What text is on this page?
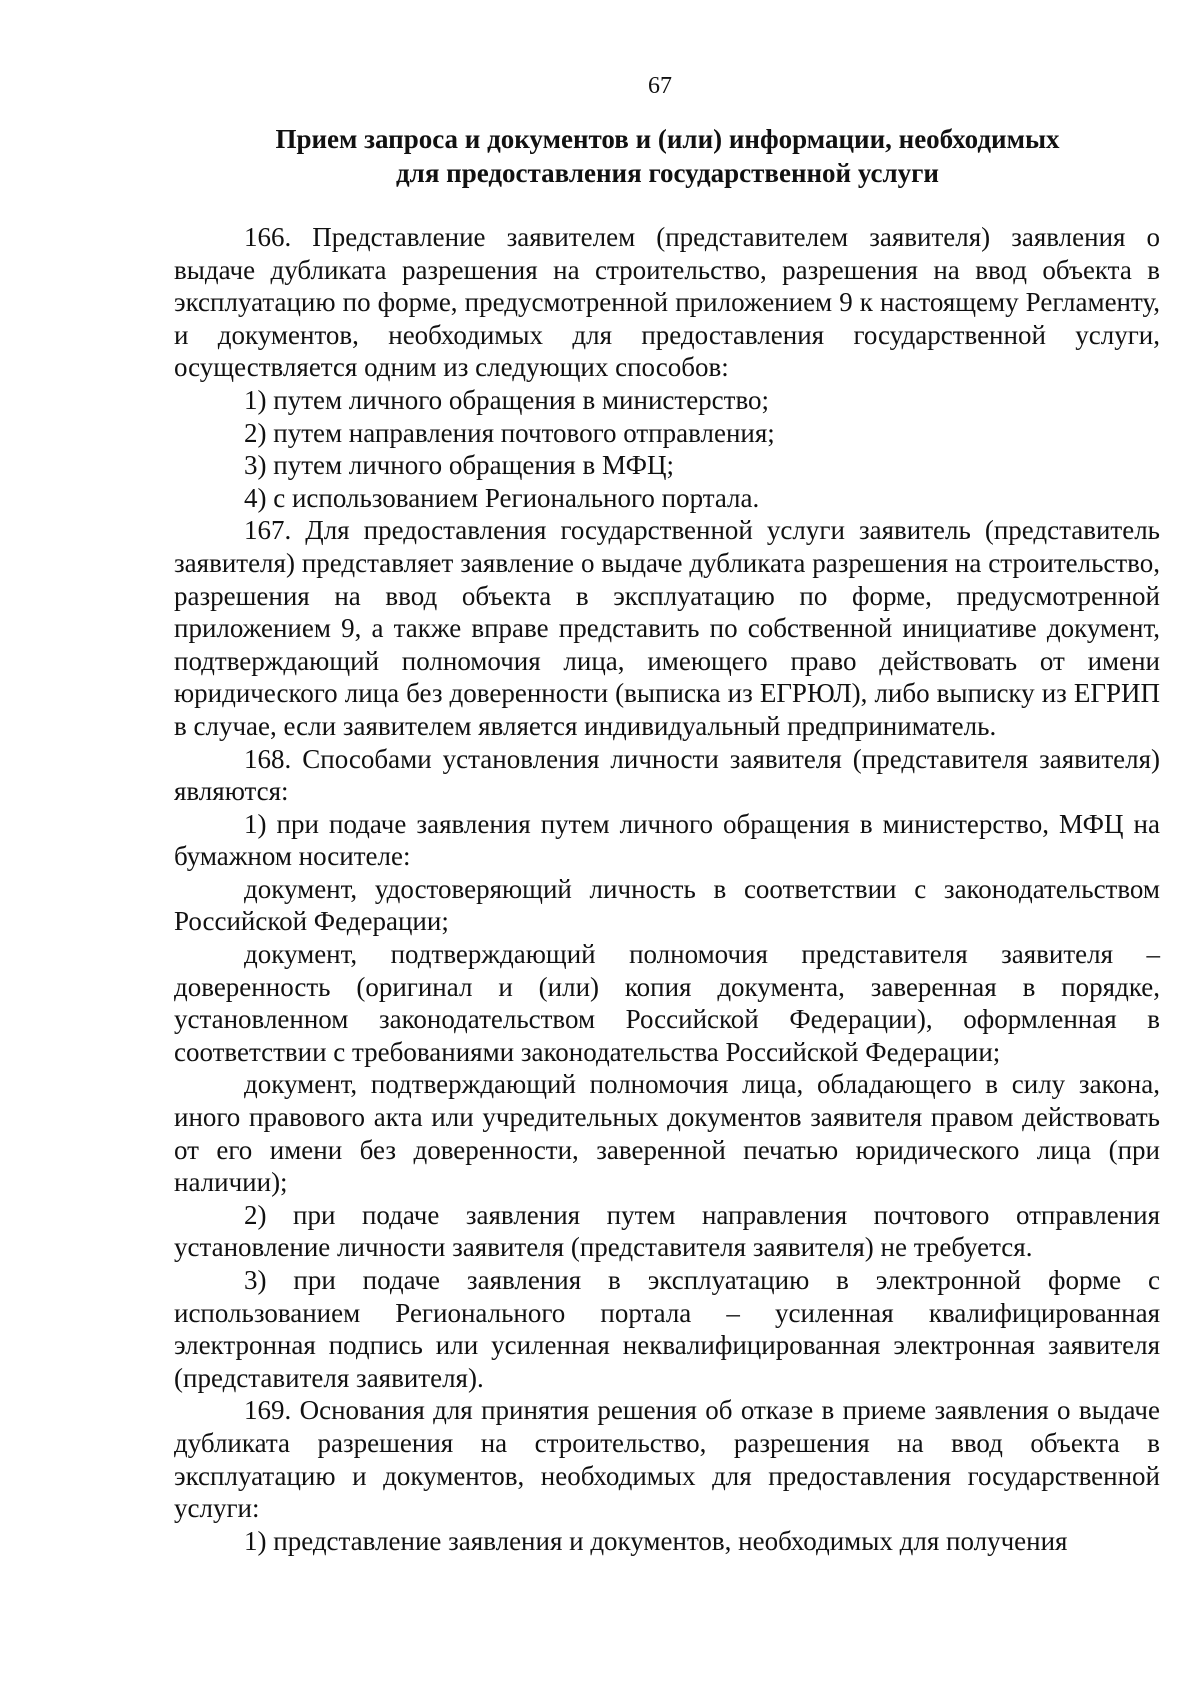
67
Прием запроса и документов и (или) информации, необходимых
для предоставления государственной услуги

166. Представление заявителем (представителем заявителя) заявления о выдаче дубликата разрешения на строительство, разрешения на ввод объекта в эксплуатацию по форме, предусмотренной приложением 9 к настоящему Регламенту, и документов, необходимых для предоставления государственной услуги, осуществляется одним из следующих способов:

1) путем личного обращения в министерство;

2) путем направления почтового отправления;

3) путем личного обращения в МФЦ;

4) с использованием Регионального портала.

167. Для предоставления государственной услуги заявитель (представитель заявителя) представляет заявление о выдаче дубликата разрешения на строительство, разрешения на ввод объекта в эксплуатацию по форме, предусмотренной приложением 9, а также вправе представить по собственной инициативе документ, подтверждающий полномочия лица, имеющего право действовать от имени юридического лица без доверенности (выписка из ЕГРЮЛ), либо выписку из ЕГРИП в случае, если заявителем является индивидуальный предприниматель.

168. Способами установления личности заявителя (представителя заявителя) являются:

1) при подаче заявления путем личного обращения в министерство, МФЦ на бумажном носителе:

документ, удостоверяющий личность в соответствии с законодательством Российской Федерации;

документ, подтверждающий полномочия представителя заявителя – доверенность (оригинал и (или) копия документа, заверенная в порядке, установленном законодательством Российской Федерации), оформленная в соответствии с требованиями законодательства Российской Федерации;

документ, подтверждающий полномочия лица, обладающего в силу закона, иного правового акта или учредительных документов заявителя правом действовать от его имени без доверенности, заверенной печатью юридического лица (при наличии);

2) при подаче заявления путем направления почтового отправления установление личности заявителя (представителя заявителя) не требуется.

3) при подаче заявления в эксплуатацию в электронной форме с использованием Регионального портала – усиленная квалифицированная электронная подпись или усиленная неквалифицированная электронная заявителя (представителя заявителя).

169. Основания для принятия решения об отказе в приеме заявления о выдаче дубликата разрешения на строительство, разрешения на ввод объекта в эксплуатацию и документов, необходимых для предоставления государственной услуги:

1) представление заявления и документов, необходимых для получения
